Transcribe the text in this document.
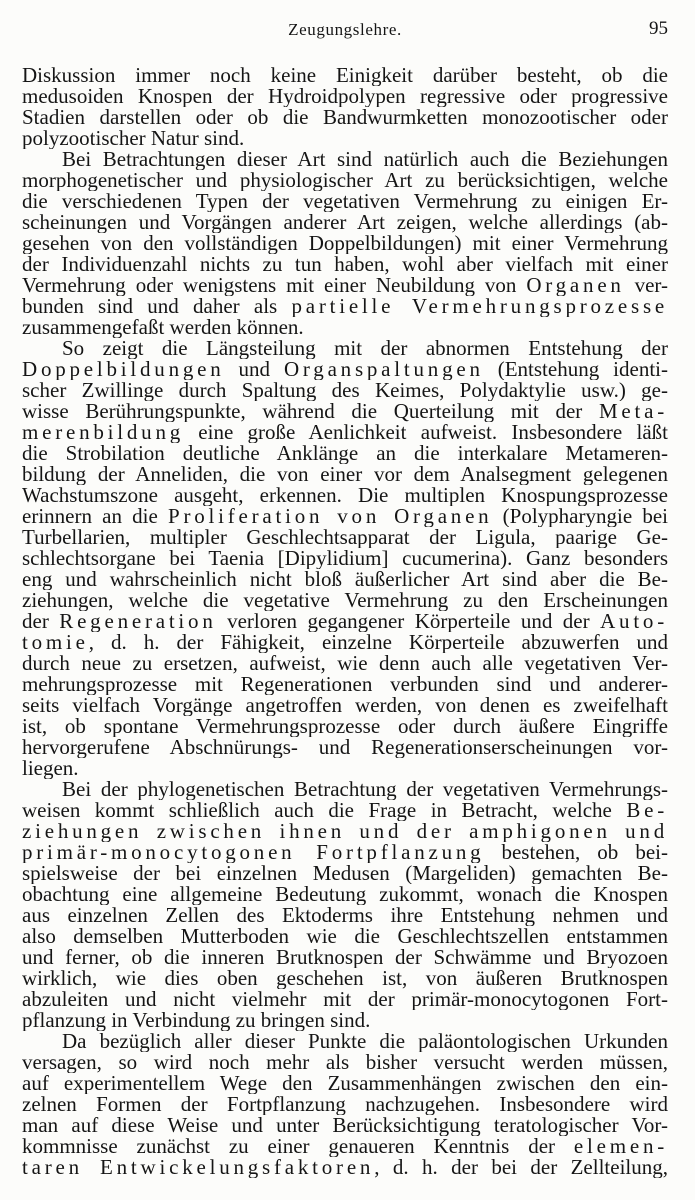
Zeugungslehre.	95
Diskussion immer noch keine Einigkeit darüber besteht, ob die
medusoiden Knospen der Hydroidpolypen regressive oder progressive
Stadien darstellen oder ob die Bandwurmketten monozootischer oder
polyzootischer Natur sind.
Bei Betrachtungen dieser Art sind natürlich auch die Beziehungen
morphogenetischer und physiologischer Art zu berücksichtigen, welche
die verschiedenen Typen der vegetativen Vermehrung zu einigen Er-
scheinungen und Vorgängen anderer Art zeigen, welche allerdings (ab-
gesehen von den vollständigen Doppelbildungen) mit einer Vermehrung
der Individuenzahl nichts zu tun haben, wohl aber vielfach mit einer
Vermehrung oder wenigstens mit einer Neubildung von Organen ver-
bunden sind und daher als partielle Vermehrungsprozesse
zusammengefaßt werden können.
So zeigt die Längsteilung mit der abnormen Entstehung der
Doppelbildungen und Organspaltungen (Entstehung identi-
scher Zwillinge durch Spaltung des Keimes, Polydaktylie usw.) ge-
wisse Berührungspunkte, während die Querteilung mit der Meta-
merenbildung eine große Aenlichkeit aufweist. Insbesondere läßt
die Strobilation deutliche Anklänge an die interkalare Metameren-
bildung der Anneliden, die von einer vor dem Analsegment gelegenen
Wachstumszone ausgeht, erkennen. Die multiplen Knospungsprozesse
erinnern an die Proliferation von Organen (Polypharyngie bei
Turbellarien, multipler Geschlechtsapparat der Ligula, paarige Ge-
schlechtsorgane bei Taenia [Dipylidium] cucumerina). Ganz besonders
eng und wahrscheinlich nicht bloß äußerlicher Art sind aber die Be-
ziehungen, welche die vegetative Vermehrung zu den Erscheinungen
der Regeneration verloren gegangener Körperteile und der Auto-
tomie, d. h. der Fähigkeit, einzelne Körperteile abzuwerfen und
durch neue zu ersetzen, aufweist, wie denn auch alle vegetativen Ver-
mehrungsprozesse mit Regenerationen verbunden sind und anderer-
seits vielfach Vorgänge angetroffen werden, von denen es zweifelhaft
ist, ob spontane Vermehrungsprozesse oder durch äußere Eingriffe
hervorgerufene Abschnürungs- und Regenerationserscheinungen vor-
liegen.
Bei der phylogenetischen Betrachtung der vegetativen Vermehrungs-
weisen kommt schließlich auch die Frage in Betracht, welche Be-
ziehungen zwischen ihnen und der amphigonen und
primär-monocytogonen Fortpflanzung bestehen, ob bei-
spielsweise der bei einzelnen Medusen (Margeliden) gemachten Be-
obachtung eine allgemeine Bedeutung zukommt, wonach die Knospen
aus einzelnen Zellen des Ektoderms ihre Entstehung nehmen und
also demselben Mutterboden wie die Geschlechtszellen entstammen
und ferner, ob die inneren Brutknospen der Schwämme und Bryozoen
wirklich, wie dies oben geschehen ist, von äußeren Brutknospen
abzuleiten und nicht vielmehr mit der primär-monocytogonen Fort-
pflanzung in Verbindung zu bringen sind.
Da bezüglich aller dieser Punkte die paläontologischen Urkunden
versagen, so wird noch mehr als bisher versucht werden müssen,
auf experimentellem Wege den Zusammenhängen zwischen den ein-
zelnen Formen der Fortpflanzung nachzugehen. Insbesondere wird
man auf diese Weise und unter Berücksichtigung teratologischer Vor-
kommnisse zunächst zu einer genaueren Kenntnis der elemen-
taren Entwickelungsfaktoren, d. h. der bei der Zellteilung,
